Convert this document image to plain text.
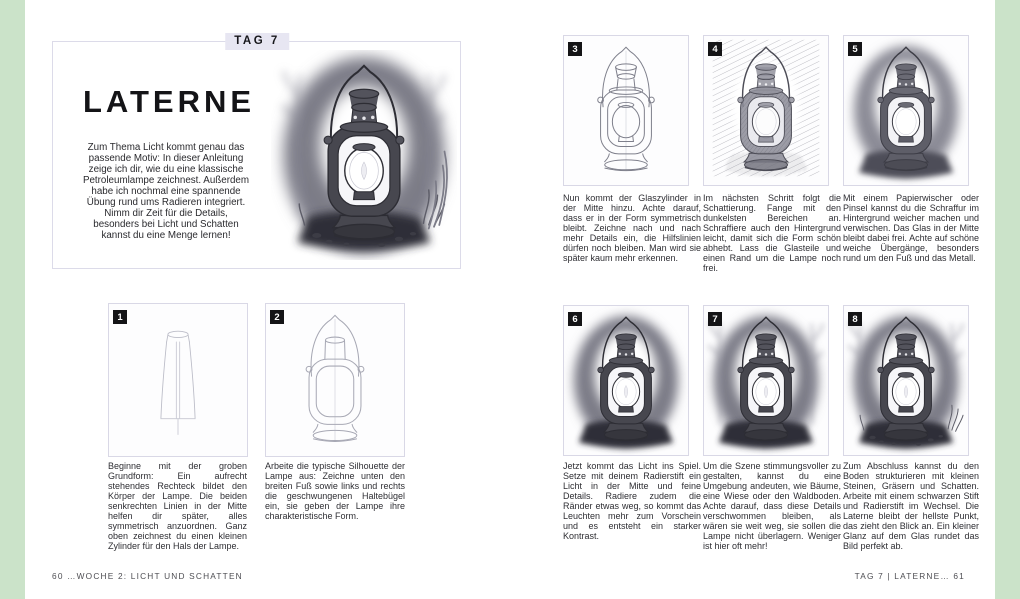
TAG 7
LATERNE
Zum Thema Licht kommt genau das passende Motiv: In dieser Anleitung zeige ich dir, wie du eine klassische Petroleumlampe zeichnest. Außerdem habe ich nochmal eine spannende Übung rund ums Radieren integriert. Nimm dir Zeit für die Details, besonders bei Licht und Schatten kannst du eine Menge lernen!
1
Beginne mit der groben Grundform: Ein aufrecht stehendes Rechteck bildet den Körper der Lampe. Die beiden senkrechten Linien in der Mitte helfen dir später, alles symmetrisch anzuordnen. Ganz oben zeichnest du einen kleinen Zylinder für den Hals der Lampe.
2
Arbeite die typische Silhouette der Lampe aus: Zeichne unten den breiten Fuß sowie links und rechts die geschwungenen Haltebügel ein, sie geben der Lampe ihre charakteristische Form.
3
Nun kommt der Glaszylinder in der Mitte hinzu. Achte darauf, dass er in der Form symmetrisch bleibt. Zeichne nach und nach mehr Details ein, die Hilfslinien dürfen noch bleiben. Man wird sie später kaum mehr erkennen.
4
Im nächsten Schritt folgt die Schattierung. Fange mit den dunkelsten Bereichen an. Schraffiere auch den Hintergrund leicht, damit sich die Form schön abhebt. Lass die Glasteile und einen Rand um die Lampe noch frei.
5
Mit einem Papierwischer oder Pinsel kannst du die Schraffur im Hintergrund weicher machen und verwischen. Das Glas in der Mitte bleibt dabei frei. Achte auf schöne weiche Übergänge, besonders rund um den Fuß und das Metall.
6
Jetzt kommt das Licht ins Spiel. Setze mit deinem Radierstift ein Licht in der Mitte und feine Details. Radiere zudem die Ränder etwas weg, so kommt das Leuchten mehr zum Vorschein und es entsteht ein starker Kontrast.
7
Um die Szene stimmungsvoller zu gestalten, kannst du eine Umgebung andeuten, wie Bäume, eine Wiese oder den Waldboden. Achte darauf, dass diese Details verschwommen bleiben, als wären sie weit weg, sie sollen die Lampe nicht überlagern. Weniger ist hier oft mehr!
8
Zum Abschluss kannst du den Boden strukturieren mit kleinen Steinen, Gräsern und Schatten. Arbeite mit einem schwarzen Stift und Radierstift im Wechsel. Die Laterne bleibt der hellste Punkt, das zieht den Blick an. Ein kleiner Glanz auf dem Glas rundet das Bild perfekt ab.
60 …WOCHE 2: LICHT UND SCHATTEN	TAG 7 | LATERNE… 61
